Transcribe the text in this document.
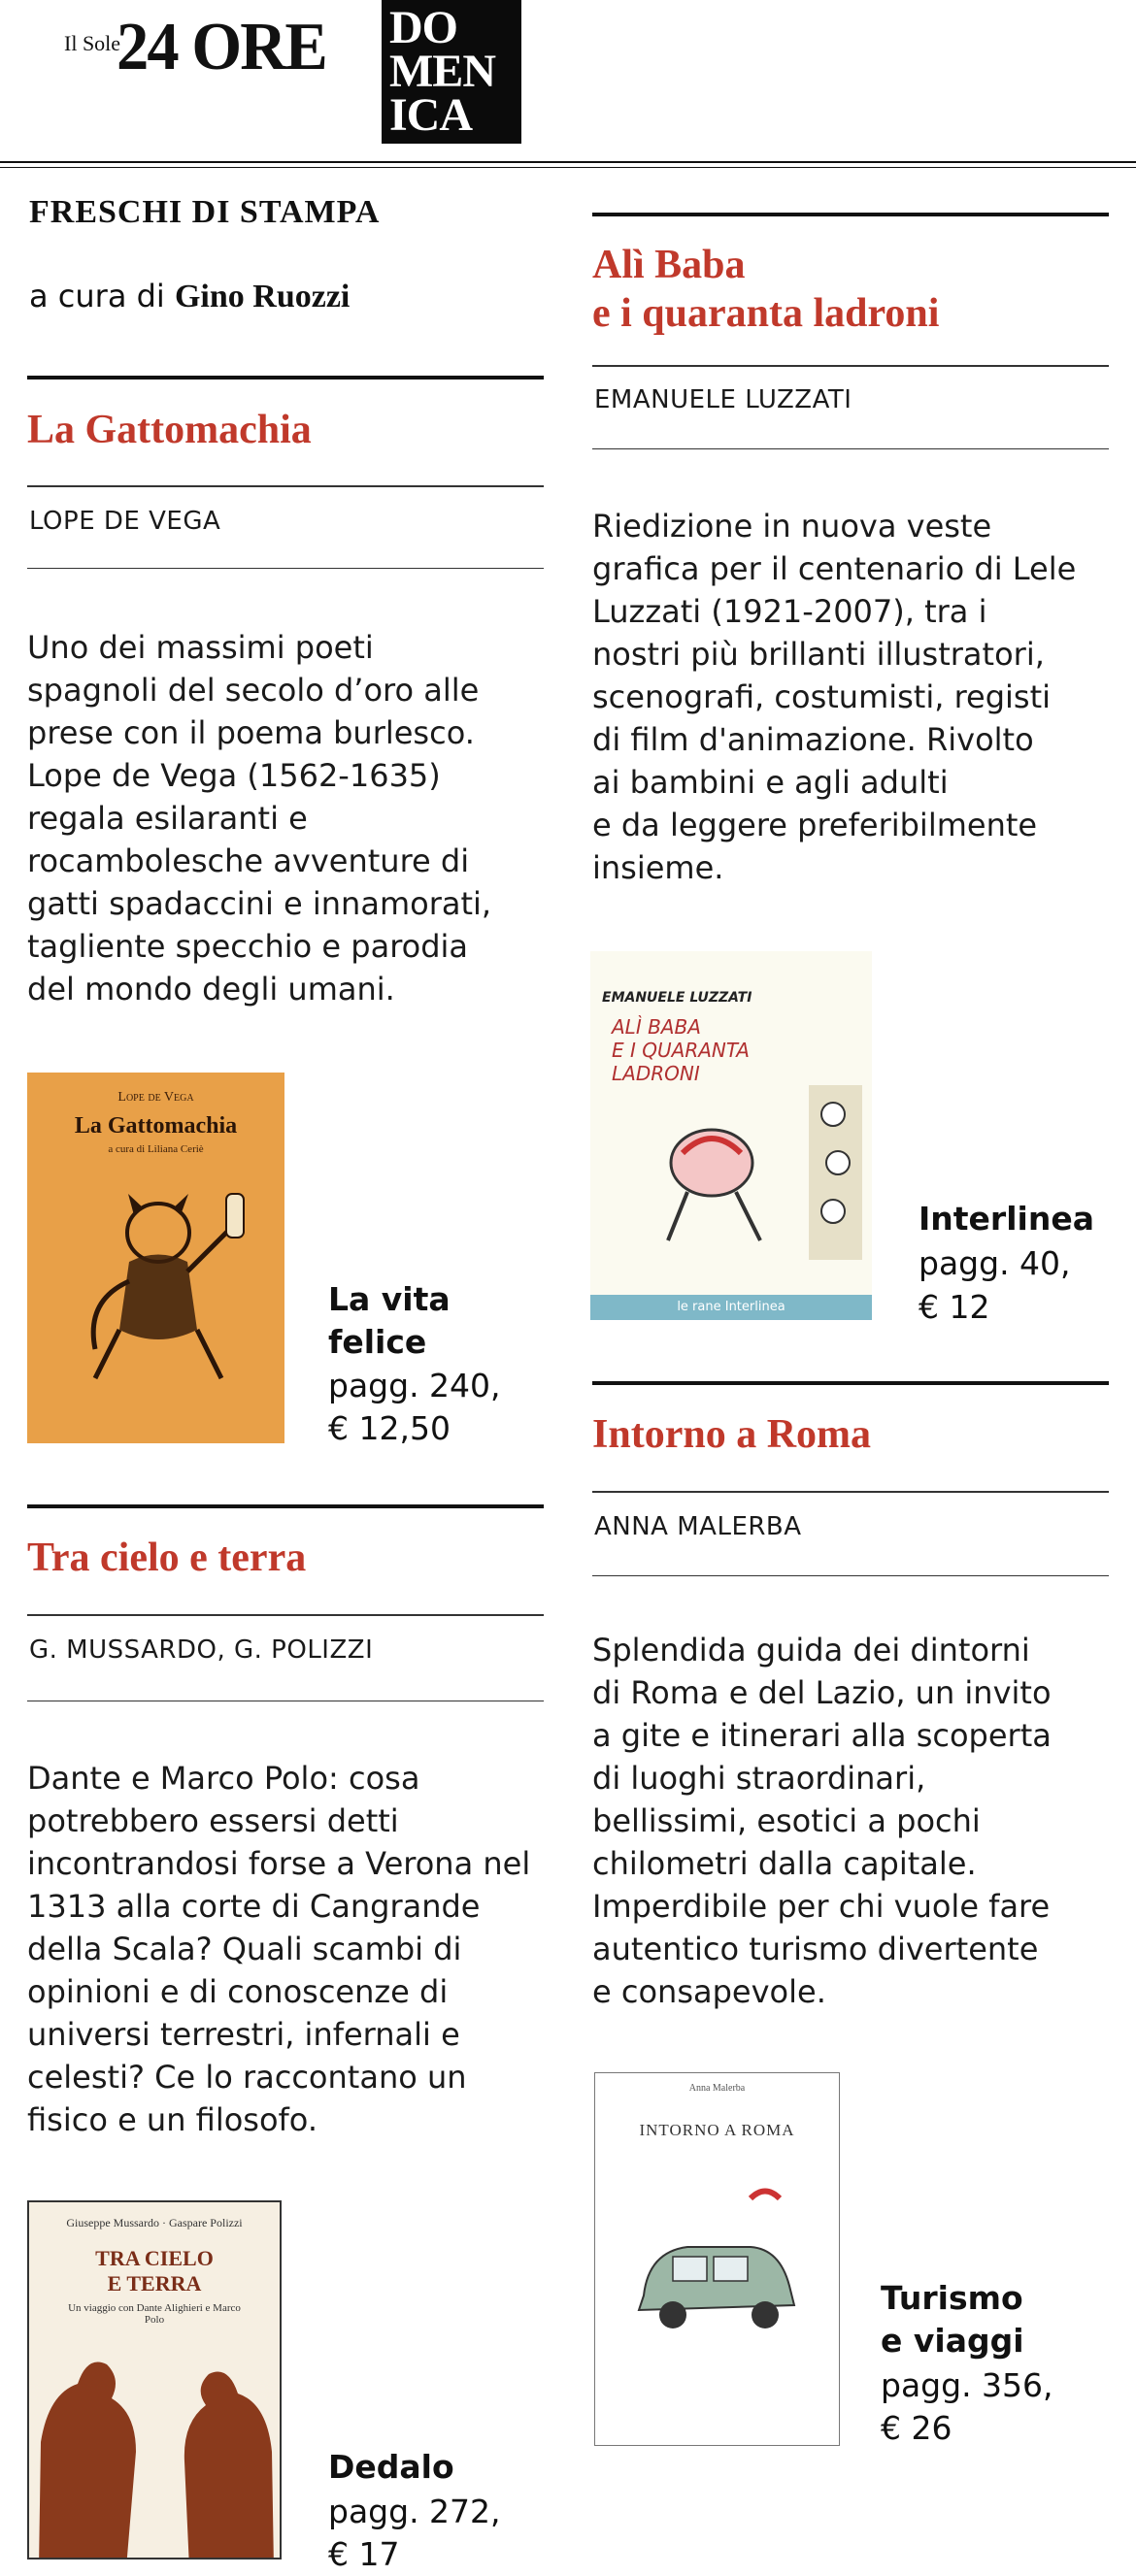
Il Sole
24 ORE DO
MEN
ICA
FRESCHI DI STAMPA
a cura di Gino Ruozzi
La Gattomachia
LOPE DE VEGA
Uno dei massimi poeti
spagnoli del secolo d’oro alle
prese con il poema burlesco.
Lope de Vega (1562-1635)
regala esilaranti e
rocambolesche avventure di
gatti spadaccini e innamorati,
tagliente specchio e parodia
del mondo degli umani.
Lope de Vega
La Gattomachia
a cura di Liliana Ceriè
La vita
felice
pagg. 240,
€ 12,50
Tra cielo e terra
G. MUSSARDO, G. POLIZZI
Dante e Marco Polo: cosa
potrebbero essersi detti
incontrandosi forse a Verona nel
1313 alla corte di Cangrande
della Scala? Quali scambi di
opinioni e di conoscenze di
universi terrestri, infernali e
celesti? Ce lo raccontano un
fisico e un filosofo.
Giuseppe Mussardo · Gaspare Polizzi
TRA CIELO
E TERRA
Un viaggio con Dante Alighieri e Marco Polo
Dedalo
pagg. 272,
€ 17
Alì Baba
e i quaranta ladroni
EMANUELE LUZZATI
Riedizione in nuova veste
grafica per il centenario di Lele
Luzzati (1921-2007), tra i
nostri più brillanti illustratori,
scenografi, costumisti, registi
di film d'animazione. Rivolto
ai bambini e agli adulti
e da leggere preferibilmente
insieme.
EMANUELE LUZZATI
ALÌ BABA
E I QUARANTA
LADRONI
le rane Interlinea
Interlinea
pagg. 40,
€ 12
Intorno a Roma
ANNA MALERBA
Splendida guida dei dintorni
di Roma e del Lazio, un invito
a gite e itinerari alla scoperta
di luoghi straordinari,
bellissimi, esotici a pochi
chilometri dalla capitale.
Imperdibile per chi vuole fare
autentico turismo divertente
e consapevole.
Anna Malerba
INTORNO A ROMA
Turismo
e viaggi
pagg. 356,
€ 26
